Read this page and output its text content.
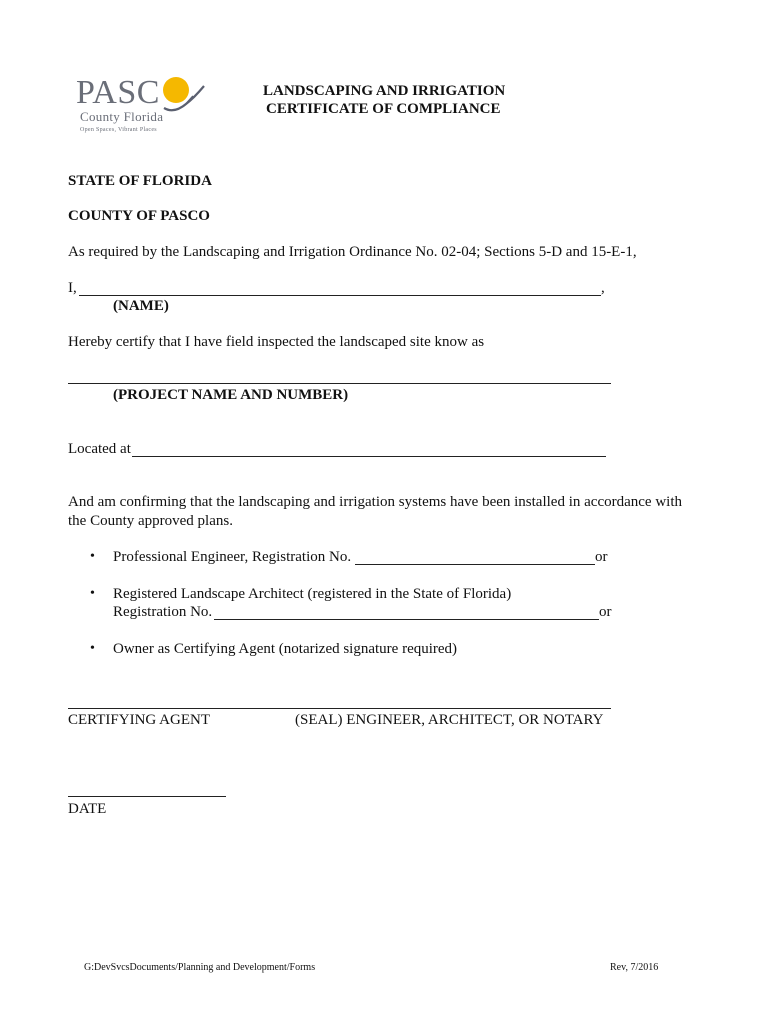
PASC
County Florida
Open Spaces, Vibrant Places
LANDSCAPING AND IRRIGATION
CERTIFICATE OF COMPLIANCE
STATE OF FLORIDA
COUNTY OF PASCO
As required by the Landscaping and Irrigation Ordinance No. 02-04; Sections 5-D and 15-E-1,
I,	,
(NAME)
Hereby certify that I have field inspected the landscaped site know as
(PROJECT NAME AND NUMBER)
Located at
And am confirming that the landscaping and irrigation systems have been installed in accordance with
the County approved plans.
• Professional Engineer, Registration No.	or
• Registered Landscape Architect (registered in the State of Florida)
Registration No.	or
• Owner as Certifying Agent (notarized signature required)
CERTIFYING AGENT	(SEAL) ENGINEER, ARCHITECT, OR NOTARY
DATE
G:DevSvcsDocuments/Planning and Development/Forms	Rev, 7/2016
